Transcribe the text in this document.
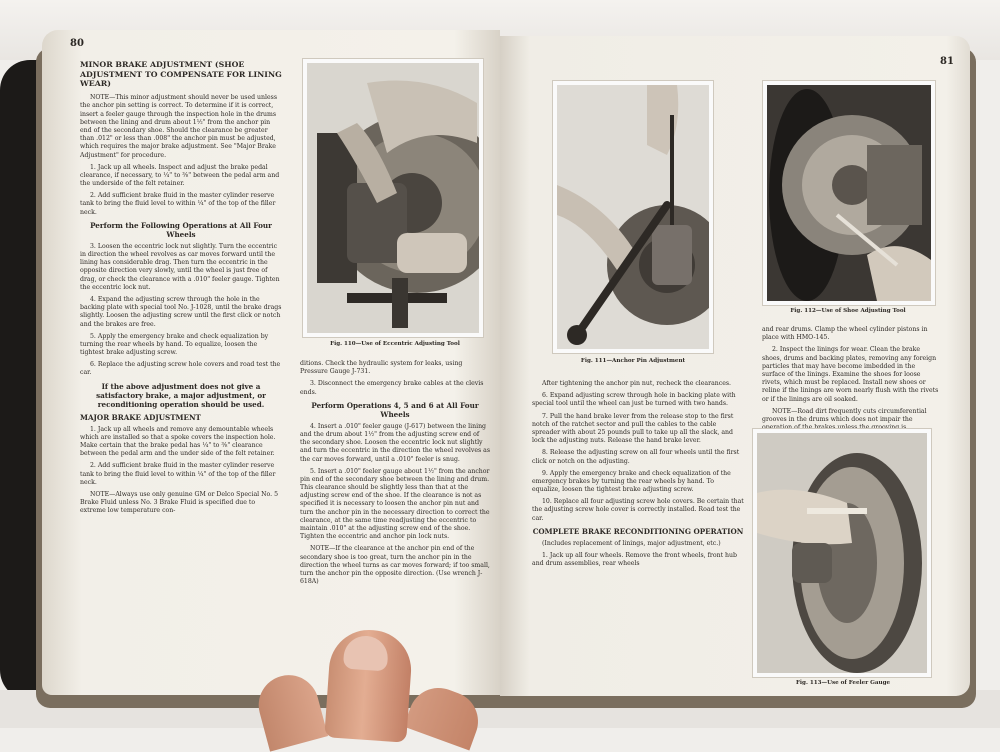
80
MINOR BRAKE ADJUSTMENT (SHOE ADJUSTMENT TO COMPENSATE FOR LINING WEAR)

NOTE—This minor adjustment should never be used unless the anchor pin setting is correct. To determine if it is correct, insert a feeler gauge through the inspection hole in the drums between the lining and drum about 1½" from the anchor pin end of the secondary shoe. Should the clearance be greater than .012" or less than .008" the anchor pin must be adjusted, which requires the major brake adjustment. See "Major Brake Adjustment" for procedure.

1. Jack up all wheels. Inspect and adjust the brake pedal clearance, if necessary, to ¼" to ⅜" between the pedal arm and the underside of the felt retainer.

2. Add sufficient brake fluid in the master cylinder reserve tank to bring the fluid level to within ¼" of the top of the filler neck.

Perform the Following Operations at All Four Wheels

3. Loosen the eccentric lock nut slightly. Turn the eccentric in direction the wheel revolves as car moves forward until the lining has considerable drag. Then turn the eccentric in the opposite direction very slowly, until the wheel is just free of drag, or check the clearance with a .010" feeler gauge. Tighten the eccentric lock nut.

4. Expand the adjusting screw through the hole in the backing plate with special tool No. J-1028, until the brake drags slightly. Loosen the adjusting screw until the first click or notch and the brakes are free.

5. Apply the emergency brake and check equalization by turning the rear wheels by hand. To equalize, loosen the tightest brake adjusting screw.

6. Replace the adjusting screw hole covers and road test the car.

If the above adjustment does not give a satisfactory brake, a major adjustment, or reconditioning operation should be used.
MAJOR BRAKE ADJUSTMENT

1. Jack up all wheels and remove any demountable wheels which are installed so that a spoke covers the inspection hole. Make certain that the brake pedal has ¼" to ⅜" clearance between the pedal arm and the under side of the felt retainer.

2. Add sufficient brake fluid in the master cylinder reserve tank to bring the fluid level to within ¼" of the top of the filler neck.

NOTE—Always use only genuine GM or Delco Special No. 5 Brake Fluid unless No. 3 Brake Fluid is specified due to extreme low temperature con-

Fig. 110—Use of Eccentric Adjusting Tool

ditions. Check the hydraulic system for leaks, using Pressure Gauge J-731.

3. Disconnect the emergency brake cables at the clevis ends.

Perform Operations 4, 5 and 6 at All Four Wheels

4. Insert a .010" feeler gauge (J-617) between the lining and the drum about 1½" from the adjusting screw end of the secondary shoe. Loosen the eccentric lock nut slightly and turn the eccentric in the direction the wheel revolves as the car moves forward, until a .010" feeler is snug.

5. Insert a .010" feeler gauge about 1½" from the anchor pin end of the secondary shoe between the lining and drum. This clearance should be slightly less than that at the adjusting screw end of the shoe. If the clearance is not as specified it is necessary to loosen the anchor pin nut and turn the anchor pin in the necessary direction to correct the clearance, at the same time readjusting the eccentric to maintain .010" at the adjusting screw end of the shoe. Tighten the eccentric and anchor pin lock nuts.

NOTE—If the clearance at the anchor pin end of the secondary shoe is too great, turn the anchor pin in the direction the wheel turns as car moves forward; if too small, turn the anchor pin the opposite direction. (Use wrench J-618A)

81
Fig. 111—Anchor Pin Adjustment
Fig. 112—Use of Shoe Adjusting Tool

After tightening the anchor pin nut, recheck the clearances.

6. Expand adjusting screw through hole in backing plate with special tool until the wheel can just be turned with two hands.

7. Pull the hand brake lever from the release stop to the first notch of the ratchet sector and pull the cables to the cable spreader with about 25 pounds pull to take up all the slack, and lock the adjusting nuts. Release the hand brake lever.

8. Release the adjusting screw on all four wheels until the first click or notch on the adjusting.

9. Apply the emergency brake and check equalization of the emergency brakes by turning the rear wheels by hand. To equalize, loosen the tightest brake adjusting screw.

10. Replace all four adjusting screw hole covers. Be certain that the adjusting screw hole cover is correctly installed. Road test the car.

COMPLETE BRAKE RECONDITIONING OPERATION

(Includes replacement of linings, major adjustment, etc.)

1. Jack up all four wheels. Remove the front wheels, front hub and drum assemblies, rear wheels

and rear drums. Clamp the wheel cylinder pistons in place with HMO-145.

2. Inspect the linings for wear. Clean the brake shoes, drums and backing plates, removing any foreign particles that may have become imbedded in the surface of the linings. Examine the shoes for loose rivets, which must be replaced. Install new shoes or reline if the linings are worn nearly flush with the rivets or if the linings are oil soaked.

NOTE—Road dirt frequently cuts circumferential grooves in the drums which does not impair the

Fig. 113—Use of Feeler Gauge
